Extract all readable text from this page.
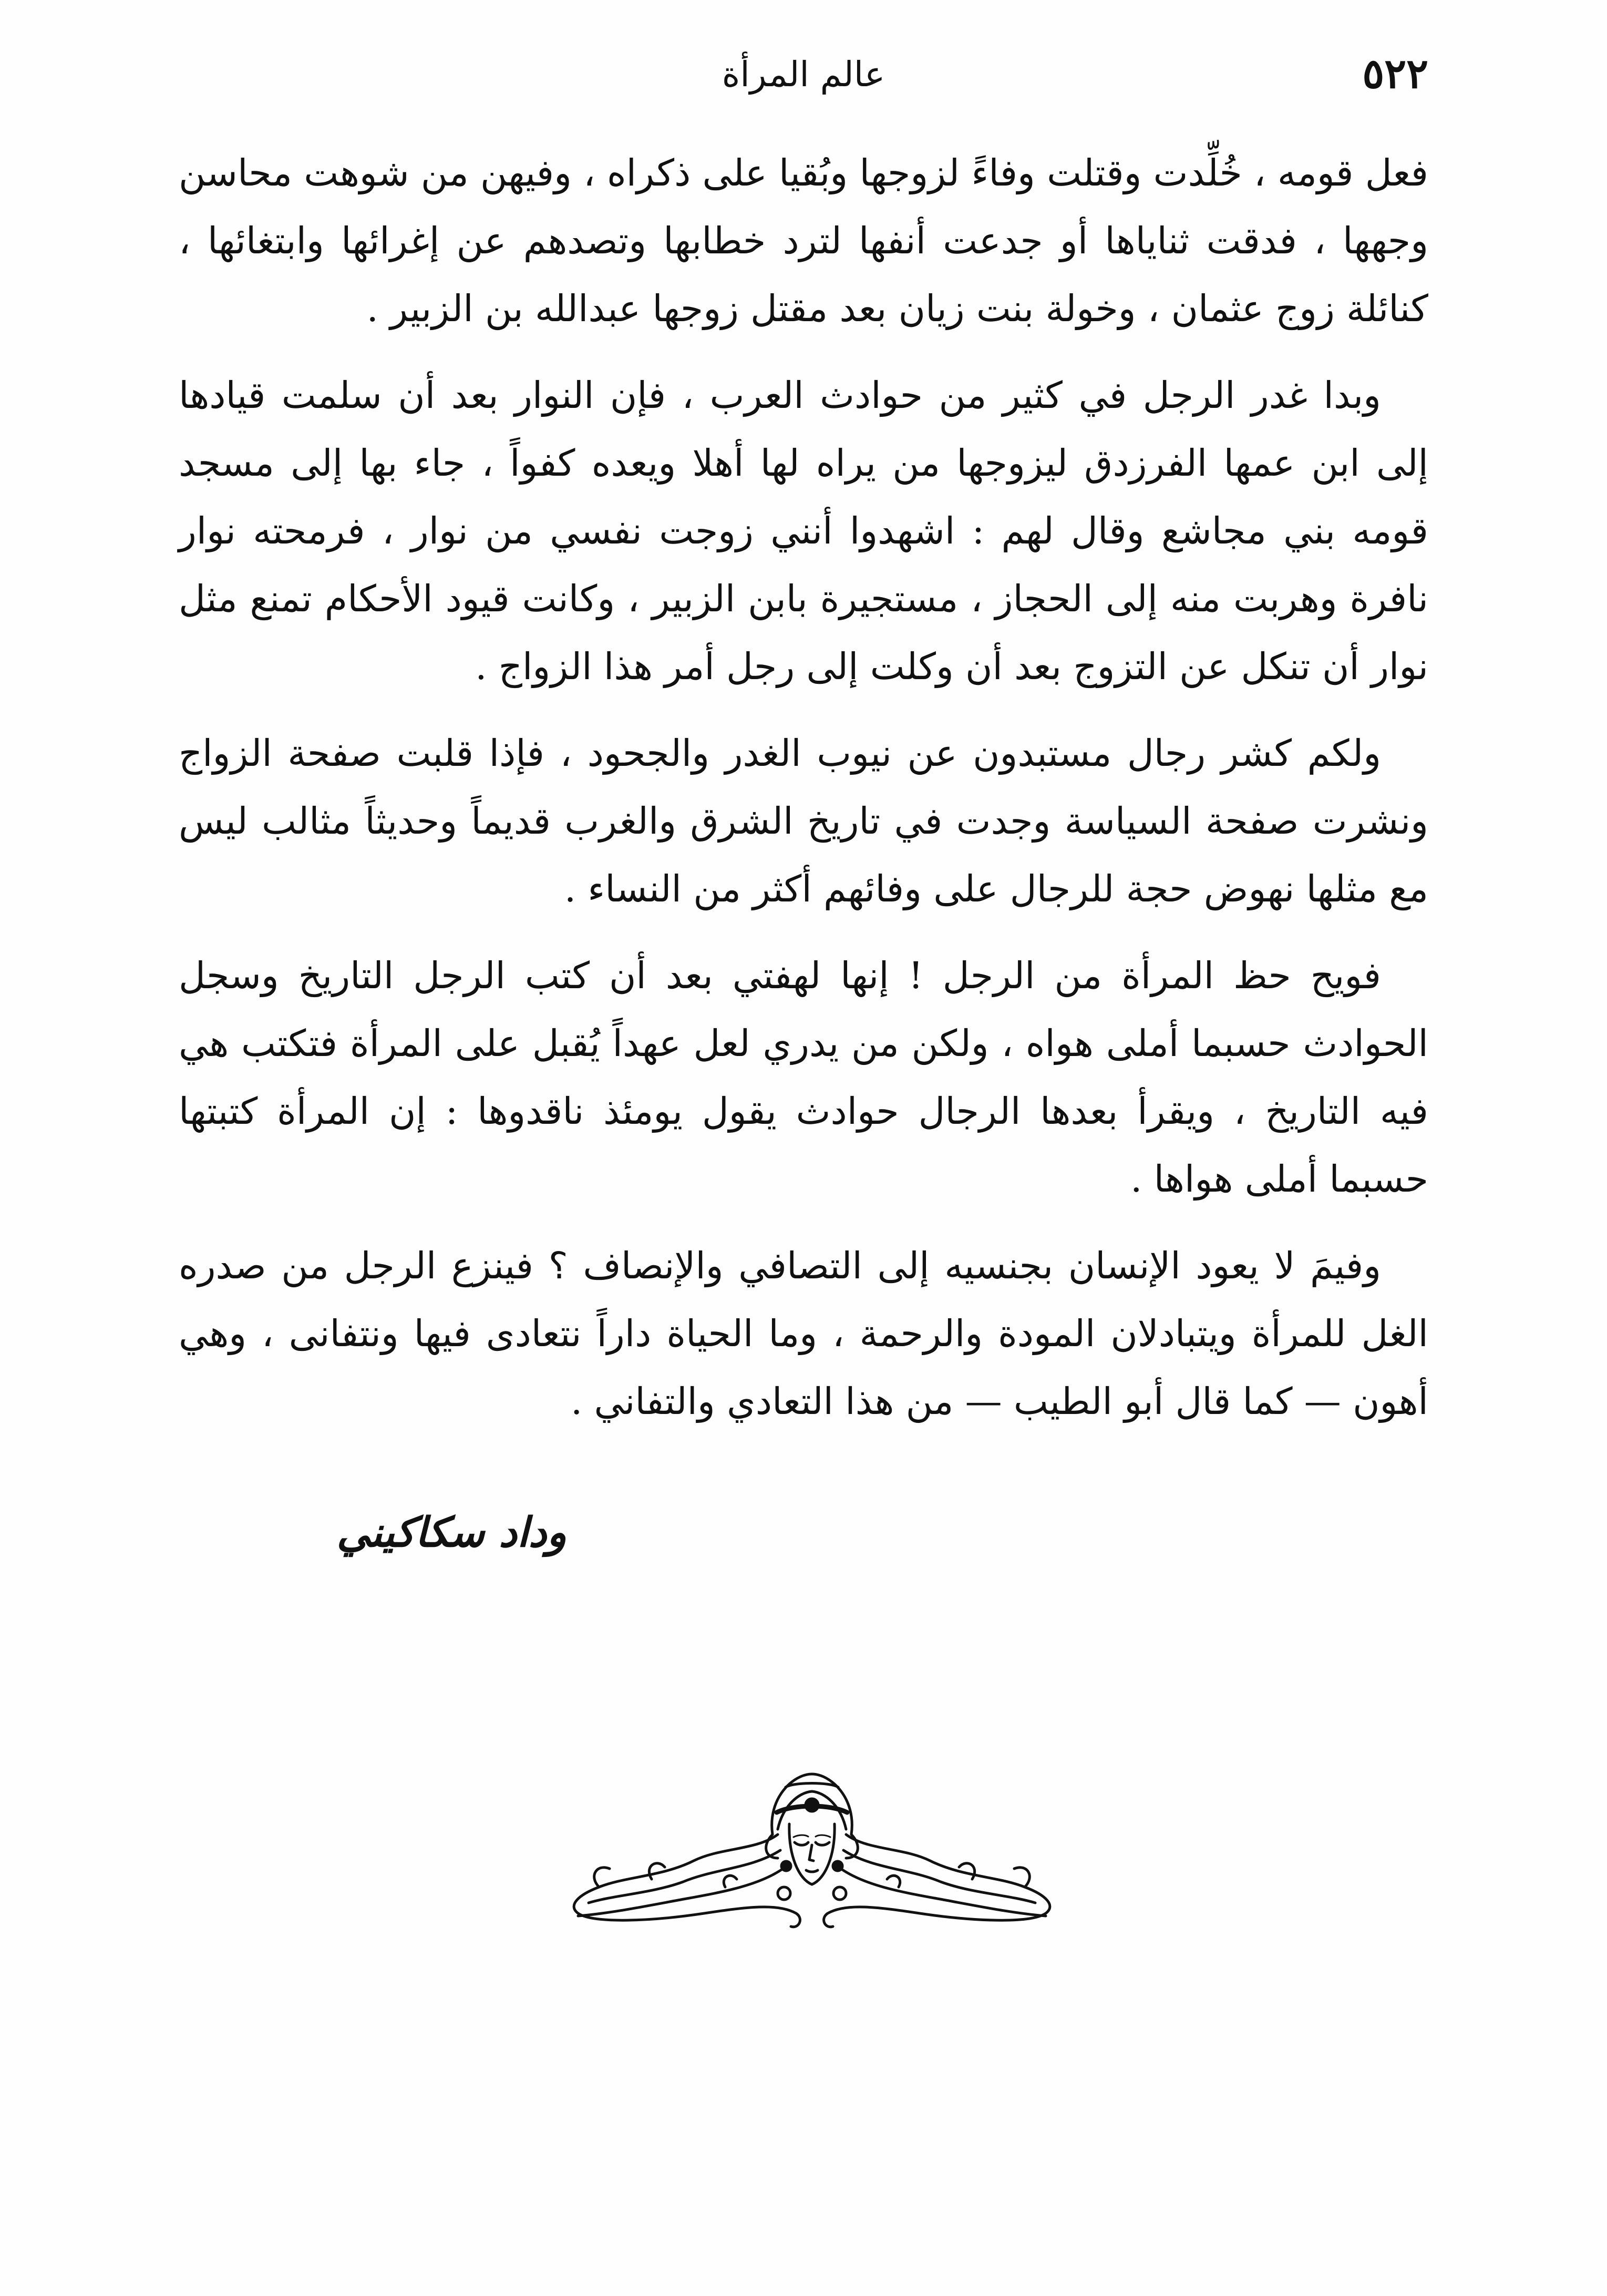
٥٢٢
عالم المرأة

فعل قومه ، خُلِّدت وقتلت وفاءً لزوجها وبُقيا على ذكراه ، وفيهن من شوهت محاسن وجهها ، فدقت ثناياها أو جدعت أنفها لترد خطابها وتصدهم عن إغرائها وابتغائها ، كنائلة زوج عثمان ، وخولة بنت زيان بعد مقتل زوجها عبدالله بن الزبير .

وبدا غدر الرجل في كثير من حوادث العرب ، فإن النوار بعد أن سلمت قيادها إلى ابن عمها الفرزدق ليزوجها من يراه لها أهلا ويعده كفواً ، جاء بها إلى مسجد قومه بني مجاشع وقال لهم : اشهدوا أنني زوجت نفسي من نوار ، فرمحته نوار نافرة وهربت منه إلى الحجاز ، مستجيرة بابن الزبير ، وكانت قيود الأحكام تمنع مثل نوار أن تنكل عن التزوج بعد أن وكلت إلى رجل أمر هذا الزواج .

ولكم كشر رجال مستبدون عن نيوب الغدر والجحود ، فإذا قلبت صفحة الزواج ونشرت صفحة السياسة وجدت في تاريخ الشرق والغرب قديماً وحديثاً مثالب ليس مع مثلها نهوض حجة للرجال على وفائهم أكثر من النساء .

فويح حظ المرأة من الرجل ! إنها لهفتي بعد أن كتب الرجل التاريخ وسجل الحوادث حسبما أملى هواه ، ولكن من يدري لعل عهداً يُقبل على المرأة فتكتب هي فيه التاريخ ، ويقرأ بعدها الرجال حوادث يقول يومئذ ناقدوها : إن المرأة كتبتها حسبما أملى هواها .

وفيمَ لا يعود الإنسان بجنسيه إلى التصافي والإنصاف ؟ فينزع الرجل من صدره الغل للمرأة ويتبادلان المودة والرحمة ، وما الحياة داراً نتعادى فيها ونتفانى ، وهي أهون — كما قال أبو الطيب — من هذا التعادي والتفاني .

وداد سكاكيني
